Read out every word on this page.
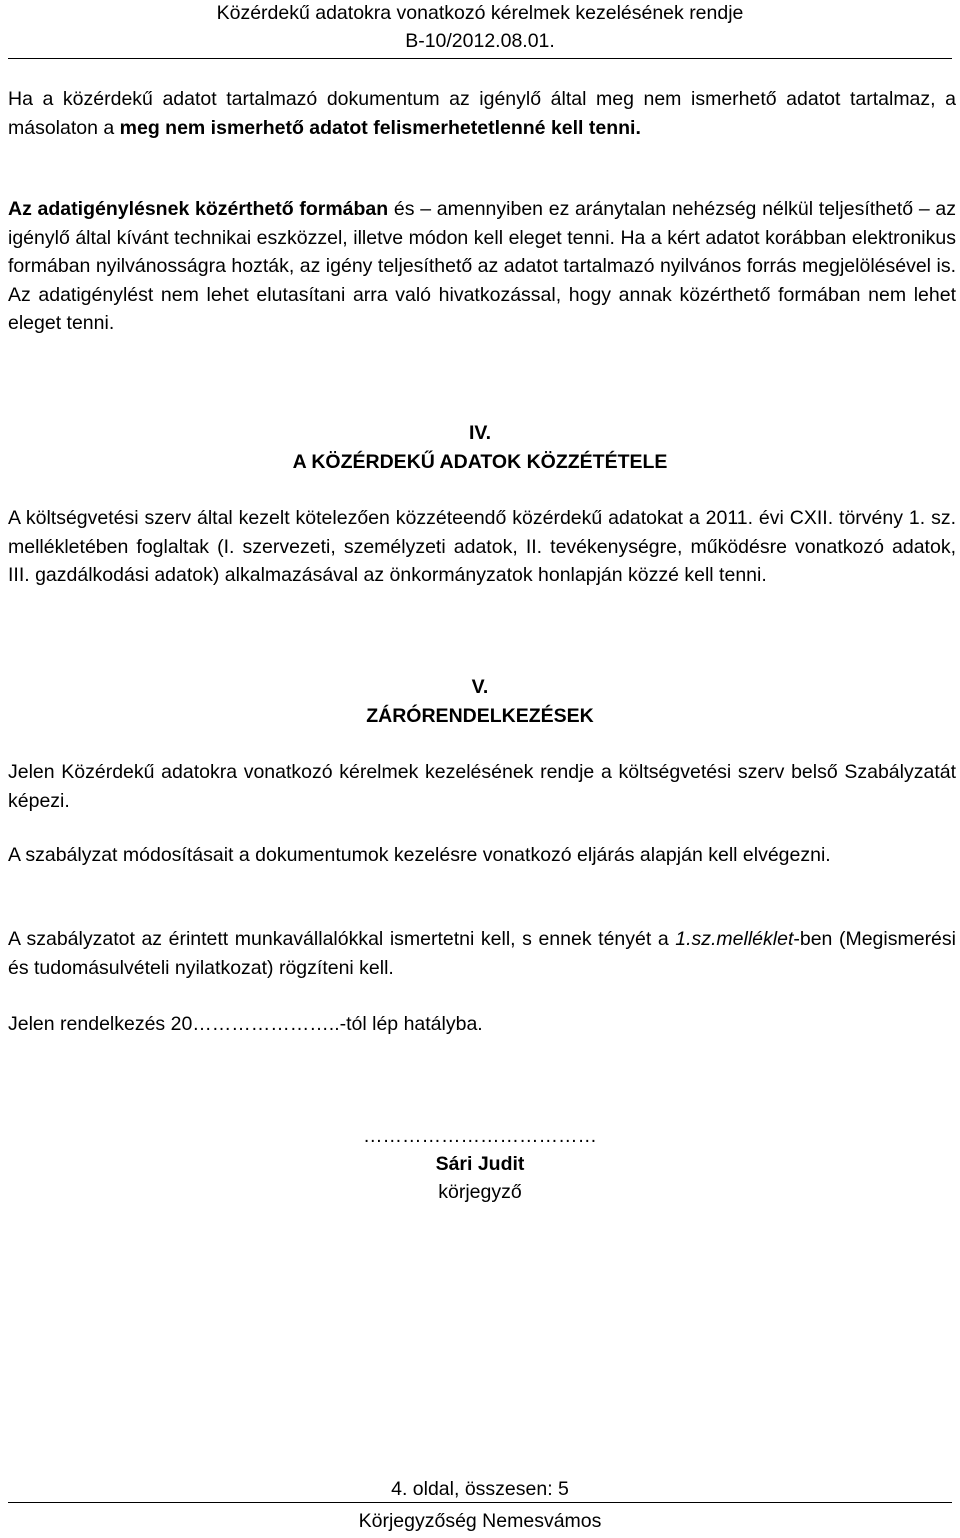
Közérdekű adatokra vonatkozó kérelmek kezelésének rendje
B-10/2012.08.01.

Ha a közérdekű adatot tartalmazó dokumentum az igénylő által meg nem ismerhető adatot tartalmaz, a másolaton a meg nem ismerhető adatot felismerhetetlenné kell tenni.

Az adatigénylésnek közérthető formában és – amennyiben ez aránytalan nehézség nélkül teljesíthető – az igénylő által kívánt technikai eszközzel, illetve módon kell eleget tenni. Ha a kért adatot korábban elektronikus formában nyilvánosságra hozták, az igény teljesíthető az adatot tartalmazó nyilvános forrás megjelölésével is. Az adatigénylést nem lehet elutasítani arra való hivatkozással, hogy annak közérthető formában nem lehet eleget tenni.

IV.

A KÖZÉRDEKŰ ADATOK KÖZZÉTÉTELE

A költségvetési szerv által kezelt kötelezően közzéteendő közérdekű adatokat a 2011. évi CXII. törvény 1. sz. mellékletében foglaltak (I. szervezeti, személyzeti adatok, II. tevékenységre, működésre vonatkozó adatok, III. gazdálkodási adatok) alkalmazásával az önkormányzatok honlapján közzé kell tenni.

V.

ZÁRÓRENDELKEZÉSEK

Jelen Közérdekű adatokra vonatkozó kérelmek kezelésének rendje a költségvetési szerv belső Szabályzatát képezi.

A szabályzat módosításait a dokumentumok kezelésre vonatkozó eljárás alapján kell elvégezni.

A szabályzatot az érintett munkavállalókkal ismertetni kell, s ennek tényét a 1.sz.melléklet-ben (Megismerési és tudomásulvételi nyilatkozat) rögzíteni kell.

Jelen rendelkezés 20…………………..-tól lép hatályba.

………………………………

Sári Judit

körjegyző

4. oldal, összesen: 5
Körjegyzőség Nemesvámos
